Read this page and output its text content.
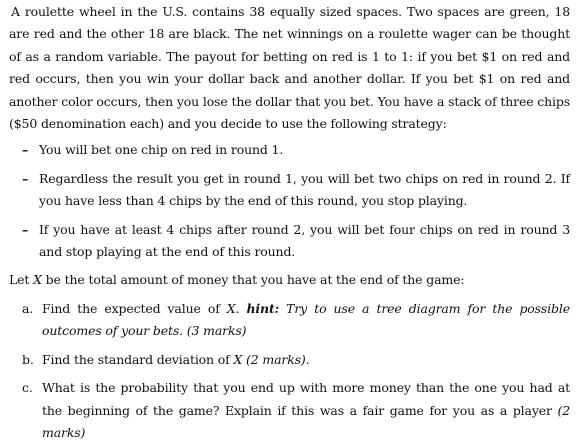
A roulette wheel in the U.S. contains 38 equally sized spaces. Two spaces are green, 18 are red and the other 18 are black. The net winnings on a roulette wager can be thought of as a random variable. The payout for betting on red is 1 to 1: if you bet $1 on red and red occurs, then you win your dollar back and another dollar. If you bet $1 on red and another color occurs, then you lose the dollar that you bet. You have a stack of three chips ($50 denomination each) and you decide to use the following strategy:

– You will bet one chip on red in round 1.
– Regardless the result you get in round 1, you will bet two chips on red in round 2. If you have less than 4 chips by the end of this round, you stop playing.
– If you have at least 4 chips after round 2, you will bet four chips on red in round 3 and stop playing at the end of this round.

Let X be the total amount of money that you have at the end of the game:

a. Find the expected value of X. hint: Try to use a tree diagram for the possible outcomes of your bets. (3 marks)
b. Find the standard deviation of X (2 marks).
c. What is the probability that you end up with more money than the one you had at the beginning of the game? Explain if this was a fair game for you as a player (2 marks)
